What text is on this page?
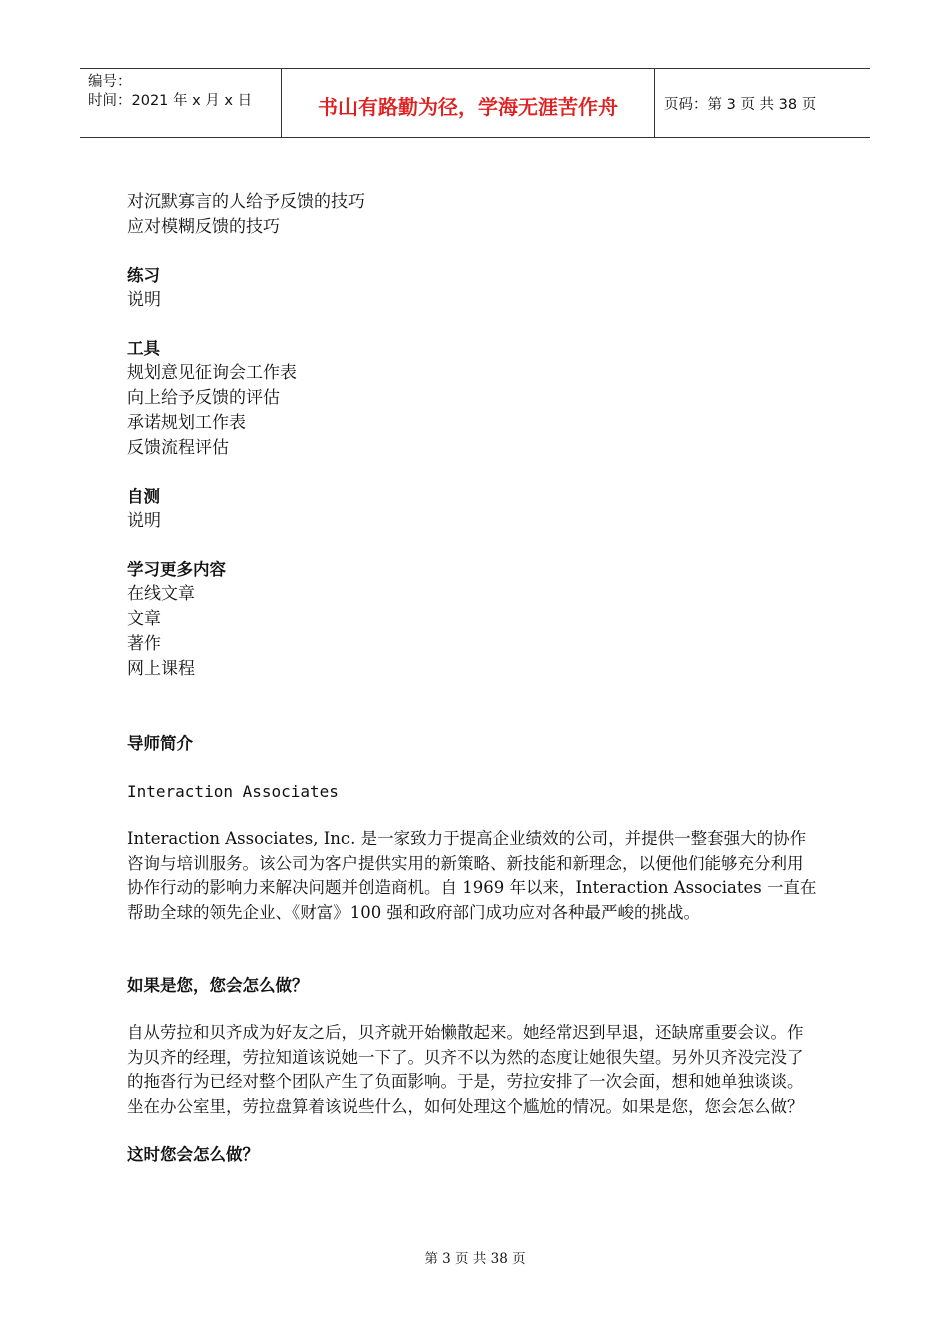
编号：
时间：2021 年 x 月 x 日	书山有路勤为径，学海无涯苦作舟	页码：第 3 页 共 38 页
对沉默寡言的人给予反馈的技巧
应对模糊反馈的技巧
练习
说明
工具
规划意见征询会工作表
向上给予反馈的评估
承诺规划工作表
反馈流程评估
自测
说明
学习更多内容
在线文章
文章
著作
网上课程
导师简介
Interaction Associates
Interaction Associates, Inc. 是一家致力于提高企业绩效的公司，并提供一整套强大的协作咨询与培训服务。该公司为客户提供实用的新策略、新技能和新理念，以便他们能够充分利用协作行动的影响力来解决问题并创造商机。自 1969 年以来，Interaction Associates 一直在帮助全球的领先企业、《财富》100 强和政府部门成功应对各种最严峻的挑战。
如果是您，您会怎么做？
自从劳拉和贝齐成为好友之后，贝齐就开始懒散起来。她经常迟到早退，还缺席重要会议。作为贝齐的经理，劳拉知道该说她一下了。贝齐不以为然的态度让她很失望。另外贝齐没完没了的拖沓行为已经对整个团队产生了负面影响。于是，劳拉安排了一次会面，想和她单独谈谈。坐在办公室里，劳拉盘算着该说些什么，如何处理这个尴尬的情况。如果是您，您会怎么做？
这时您会怎么做？
第 3 页 共 38 页
